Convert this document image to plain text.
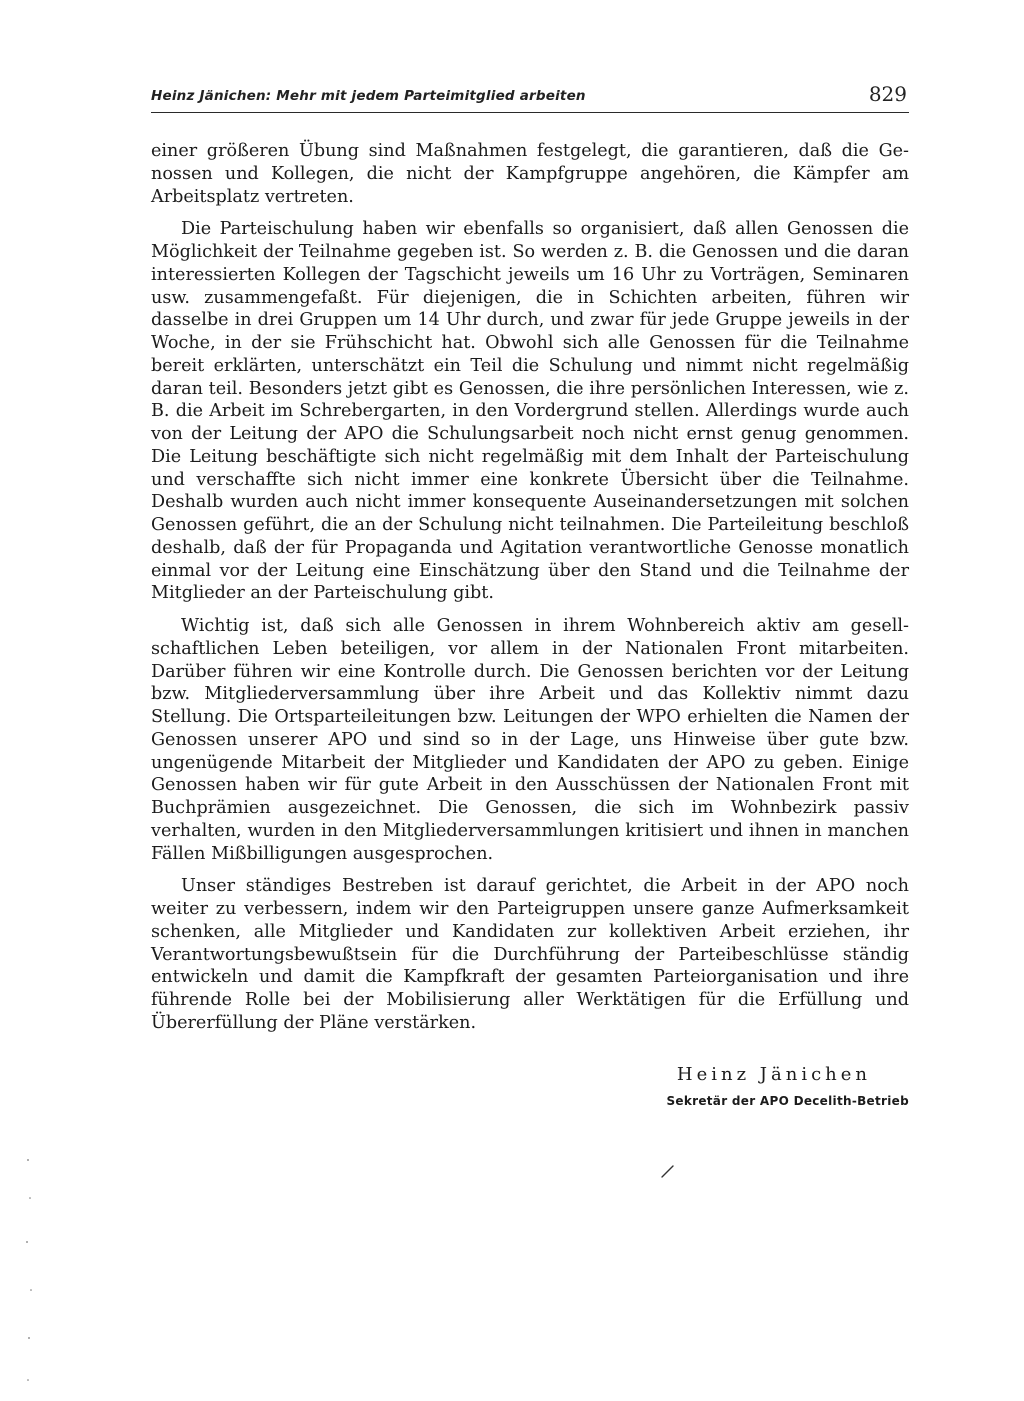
Heinz Jänichen: Mehr mit jedem Parteimitglied arbeiten	829

einer größeren Übung sind Maßnahmen festgelegt, die garantieren, daß die Genossen und Kollegen, die nicht der Kampfgruppe angehören, die Kämpfer am Arbeitsplatz vertreten.

Die Parteischulung haben wir ebenfalls so organisiert, daß allen Genossen die Möglichkeit der Teilnahme gegeben ist. So werden z. B. die Genossen und die daran interessierten Kollegen der Tagschicht jeweils um 16 Uhr zu Vorträgen, Seminaren usw. zusammengefaßt. Für diejenigen, die in Schichten arbeiten, führen wir dasselbe in drei Gruppen um 14 Uhr durch, und zwar für jede Gruppe jeweils in der Woche, in der sie Frühschicht hat. Obwohl sich alle Genossen für die Teilnahme bereit erklärten, unterschätzt ein Teil die Schulung und nimmt nicht regelmäßig daran teil. Besonders jetzt gibt es Genossen, die ihre persönlichen Interessen, wie z. B. die Arbeit im Schrebergarten, in den Vordergrund stellen. Allerdings wurde auch von der Leitung der APO die Schulungsarbeit noch nicht ernst genug genommen. Die Leitung beschäftigte sich nicht regelmäßig mit dem Inhalt der Parteischulung und verschaffte sich nicht immer eine konkrete Übersicht über die Teilnahme. Deshalb wurden auch nicht immer konsequente Auseinandersetzungen mit solchen Genossen geführt, die an der Schulung nicht teilnahmen. Die Parteileitung beschloß deshalb, daß der für Propaganda und Agitation verantwortliche Genosse monatlich einmal vor der Leitung eine Einschätzung über den Stand und die Teilnahme der Mitglieder an der Parteischulung gibt.

Wichtig ist, daß sich alle Genossen in ihrem Wohnbereich aktiv am gesellschaftlichen Leben beteiligen, vor allem in der Nationalen Front mitarbeiten. Darüber führen wir eine Kontrolle durch. Die Genossen berichten vor der Leitung bzw. Mitgliederversammlung über ihre Arbeit und das Kollektiv nimmt dazu Stellung. Die Ortsparteileitungen bzw. Leitungen der WPO erhielten die Namen der Genossen unserer APO und sind so in der Lage, uns Hinweise über gute bzw. ungenügende Mitarbeit der Mitglieder und Kandidaten der APO zu geben. Einige Genossen haben wir für gute Arbeit in den Ausschüssen der Nationalen Front mit Buchprämien ausgezeichnet. Die Genossen, die sich im Wohnbezirk passiv verhalten, wurden in den Mitgliederversammlungen kritisiert und ihnen in manchen Fällen Mißbilligungen ausgesprochen.

Unser ständiges Bestreben ist darauf gerichtet, die Arbeit in der APO noch weiter zu verbessern, indem wir den Parteigruppen unsere ganze Aufmerksamkeit schenken, alle Mitglieder und Kandidaten zur kollektiven Arbeit erziehen, ihr Verantwortungsbewußtsein für die Durchführung der Parteibeschlüsse ständig entwickeln und damit die Kampfkraft der gesamten Parteiorganisation und ihre führende Rolle bei der Mobilisierung aller Werktätigen für die Erfüllung und Übererfüllung der Pläne verstärken.

Heinz Jänichen
Sekretär der APO Decelith-Betrieb
